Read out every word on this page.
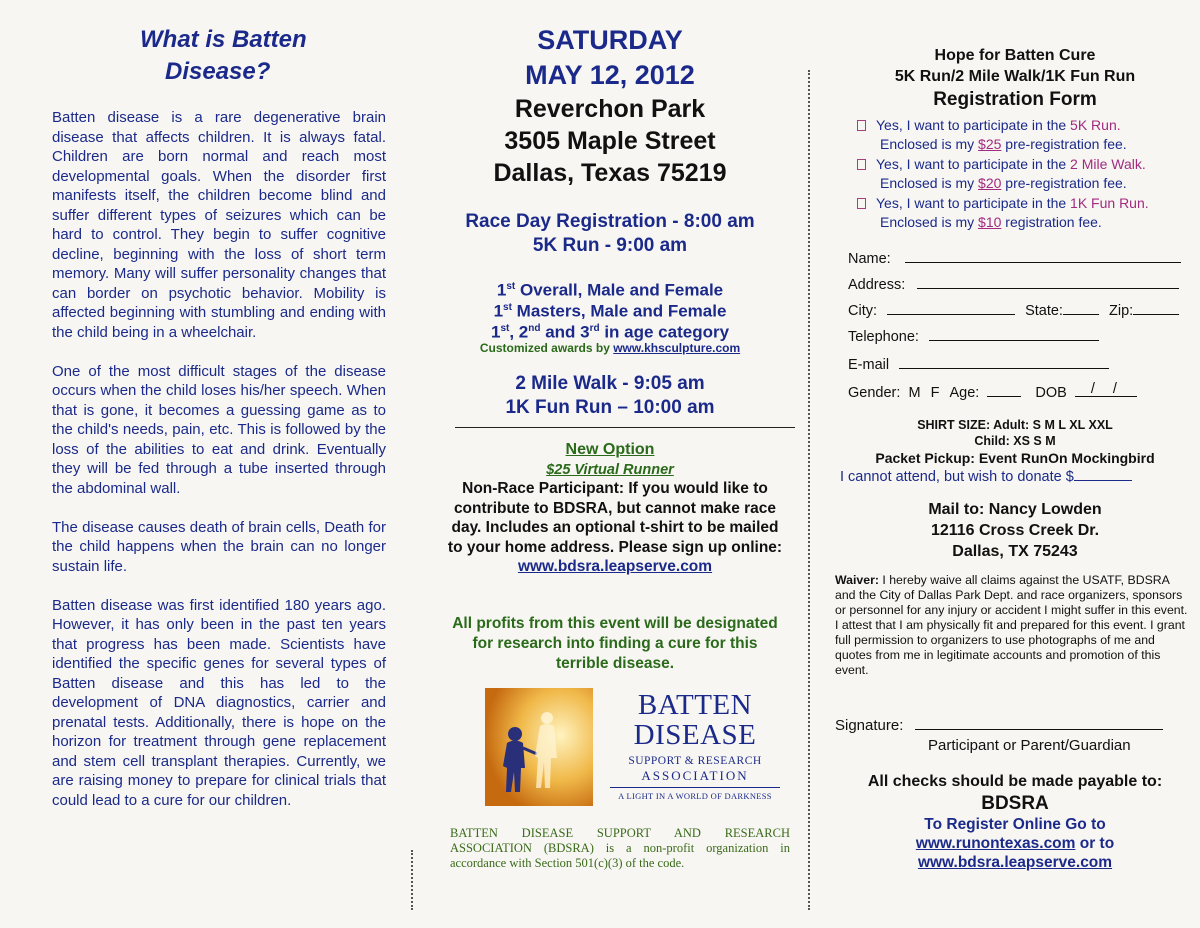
What is Batten
Disease?

Batten disease is a rare degenerative brain disease that affects children. It is always fatal. Children are born normal and reach most developmental goals. When the disorder first manifests itself, the children become blind and suffer different types of seizures which can be hard to control. They begin to suffer cognitive decline, beginning with the loss of short term memory. Many will suffer personality changes that can border on psychotic behavior. Mobility is affected beginning with stumbling and ending with the child being in a wheelchair.

One of the most difficult stages of the disease occurs when the child loses his/her speech. When that is gone, it becomes a guessing game as to the child's needs, pain, etc. This is followed by the loss of the abilities to eat and drink. Eventually they will be fed through a tube inserted through the abdominal wall.

The disease causes death of brain cells, Death for the child happens when the brain can no longer sustain life.

Batten disease was first identified 180 years ago. However, it has only been in the past ten years that progress has been made. Scientists have identified the specific genes for several types of Batten disease and this has led to the development of DNA diagnostics, carrier and prenatal tests. Additionally, there is hope on the horizon for treatment through gene replacement and stem cell transplant therapies. Currently, we are raising money to prepare for clinical trials that could lead to a cure for our children.

SATURDAY
MAY 12, 2012
Reverchon Park
3505 Maple Street
Dallas, Texas 75219
Race Day Registration - 8:00 am
5K Run - 9:00 am
1st Overall, Male and Female
1st Masters, Male and Female
1st, 2nd and 3rd in age category
Customized awards by www.khsculpture.com
2 Mile Walk - 9:05 am
1K Fun Run – 10:00 am
New Option
$25 Virtual Runner
Non-Race Participant: If you would like to contribute to BDSRA, but cannot make race day. Includes an optional t-shirt to be mailed to your home address. Please sign up online:
www.bdsra.leapserve.com
All profits from this event will be designated for research into finding a cure for this terrible disease.
BATTEN
DISEASE
SUPPORT & RESEARCH
ASSOCIATION
A LIGHT IN A WORLD OF DARKNESS
BATTEN DISEASE SUPPORT AND RESEARCH ASSOCIATION (BDSRA) is a non-profit organization in accordance with Section 501(c)(3) of the code.
Hope for Batten Cure
5K Run/2 Mile Walk/1K Fun Run
Registration Form
Yes, I want to participate in the 5K Run.
Enclosed is my $25 pre-registration fee.
Yes, I want to participate in the 2 Mile Walk.
Enclosed is my $20 pre-registration fee.
Yes, I want to participate in the 1K Fun Run.
Enclosed is my $10 registration fee.
Name:
Address:
City:	State:	Zip:
Telephone:
E-mail
Gender: M F Age:	DOB / /
SHIRT SIZE: Adult: S M L XL XXL
Child: XS S M
Packet Pickup: Event RunOn Mockingbird
I cannot attend, but wish to donate $
Mail to: Nancy Lowden
12116 Cross Creek Dr.
Dallas, TX 75243
Waiver: I hereby waive all claims against the USATF, BDSRA and the City of Dallas Park Dept. and race organizers, sponsors or personnel for any injury or accident I might suffer in this event. I attest that I am physically fit and prepared for this event. I grant full permission to organizers to use photographs of me and quotes from me in legitimate accounts and promotion of this event.
Signature:
Participant or Parent/Guardian
All checks should be made payable to:
BDSRA
To Register Online Go to
www.runontexas.com or to
www.bdsra.leapserve.com
